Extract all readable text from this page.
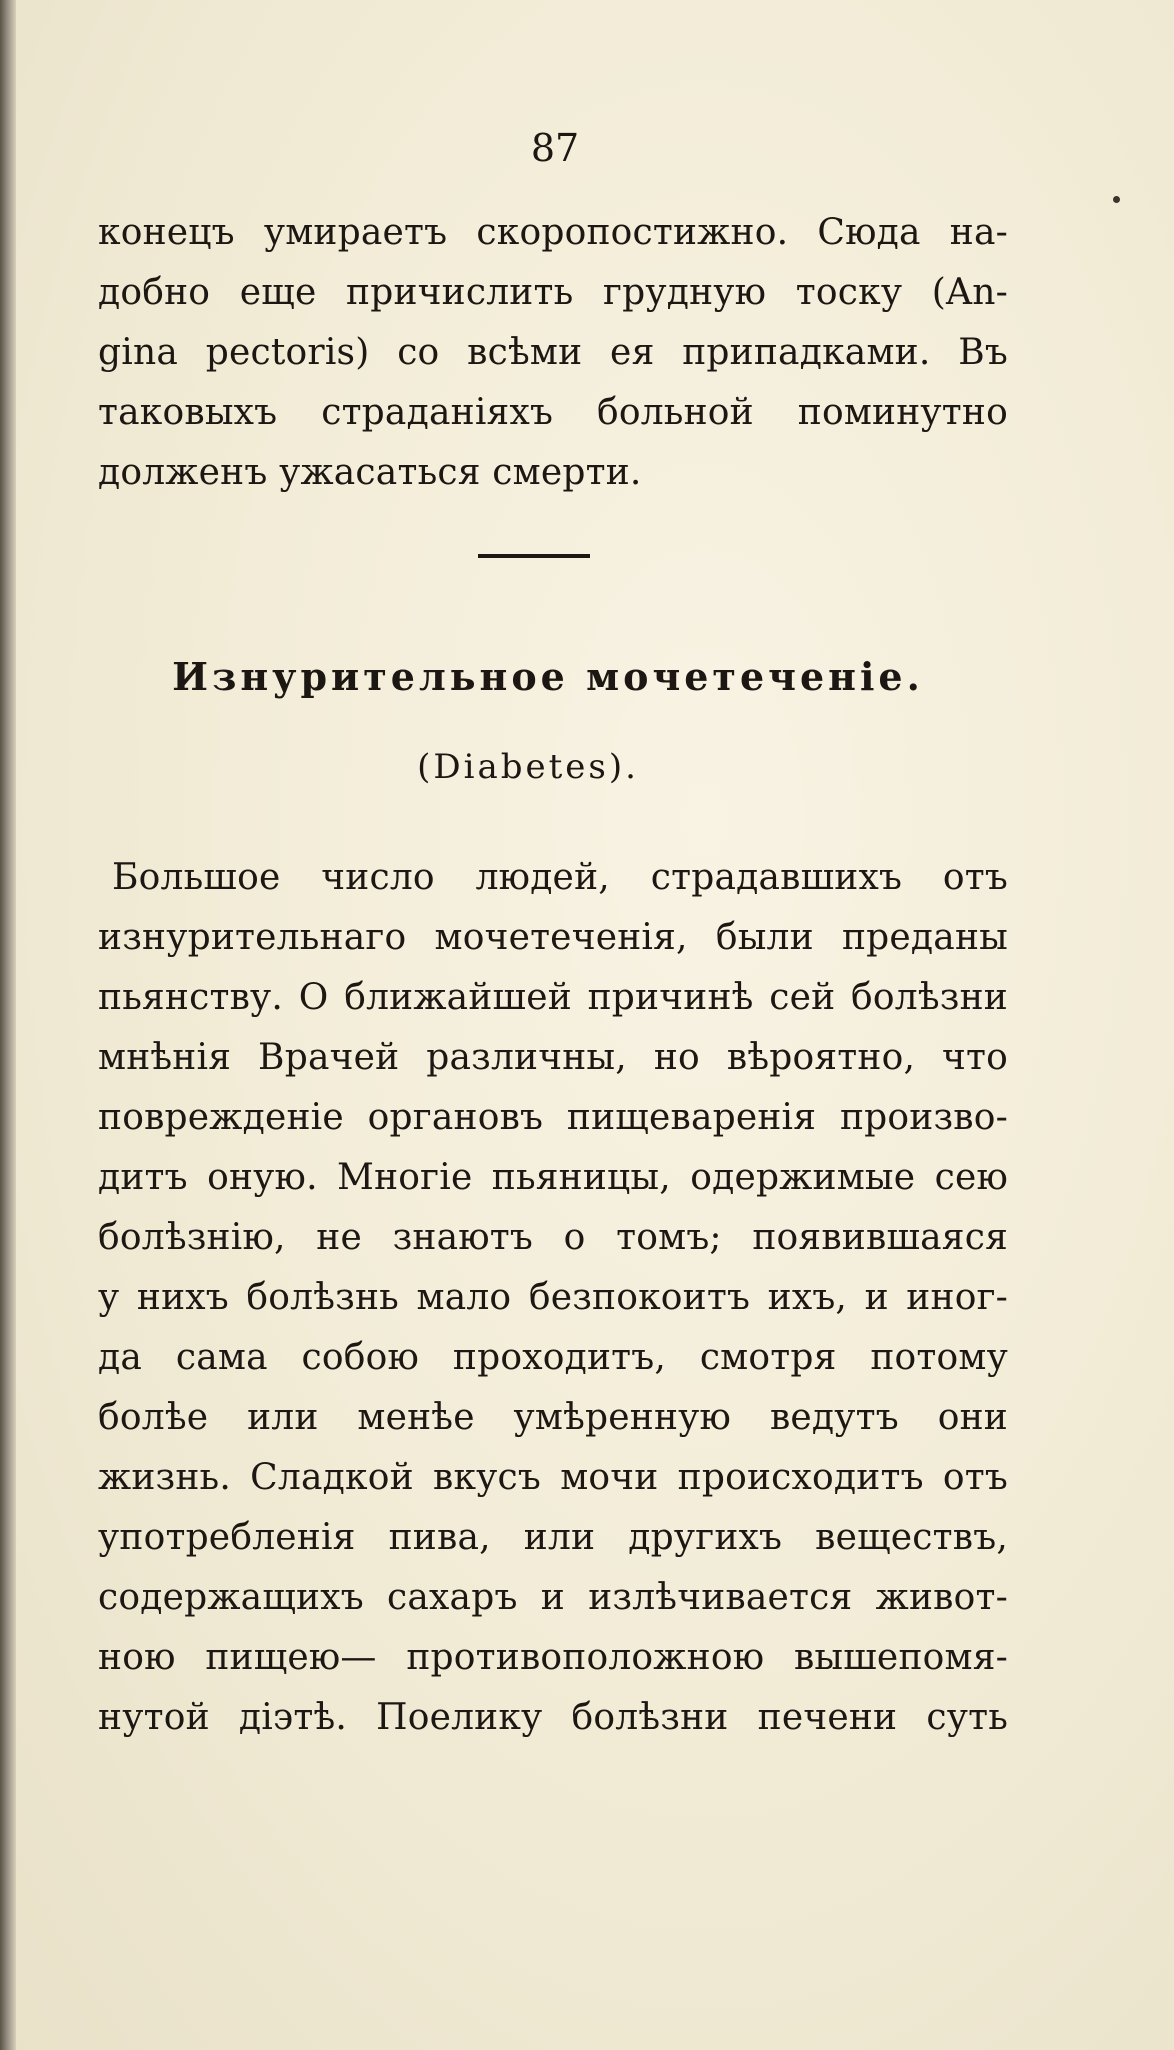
87
конецъ умираетъ скоропостижно. Сюда на-
добно еще причислить грудную тоску (An-
gina pectoris) со всѣми ея припадками. Въ
таковыхъ страданiяхъ больной поминутно
долженъ ужасаться смерти.
Изнурительное мочетеченiе.
(Diabetes).
Большое число людей, страдавшихъ отъ
изнурительнаго мочетеченiя, были преданы
пьянству. О ближайшей причинѣ сей болѣзни
мнѣнiя Врачей различны, но вѣроятно, что
поврежденiе органовъ пищеваренiя произво-
дитъ оную. Многiе пьяницы, одержимые сею
болѣзнiю, не знаютъ о томъ; появившаяся
у нихъ болѣзнь мало безпокоитъ ихъ, и иног-
да сама собою проходитъ, смотря потому
болѣе или менѣе умѣренную ведутъ они
жизнь. Сладкой вкусъ мочи происходитъ отъ
употребленiя пива, или другихъ веществъ,
содержащихъ сахаръ и излѣчивается живот-
ною пищею— противоположною вышепомя-
нутой дiэтѣ. Поелику болѣзни печени суть
